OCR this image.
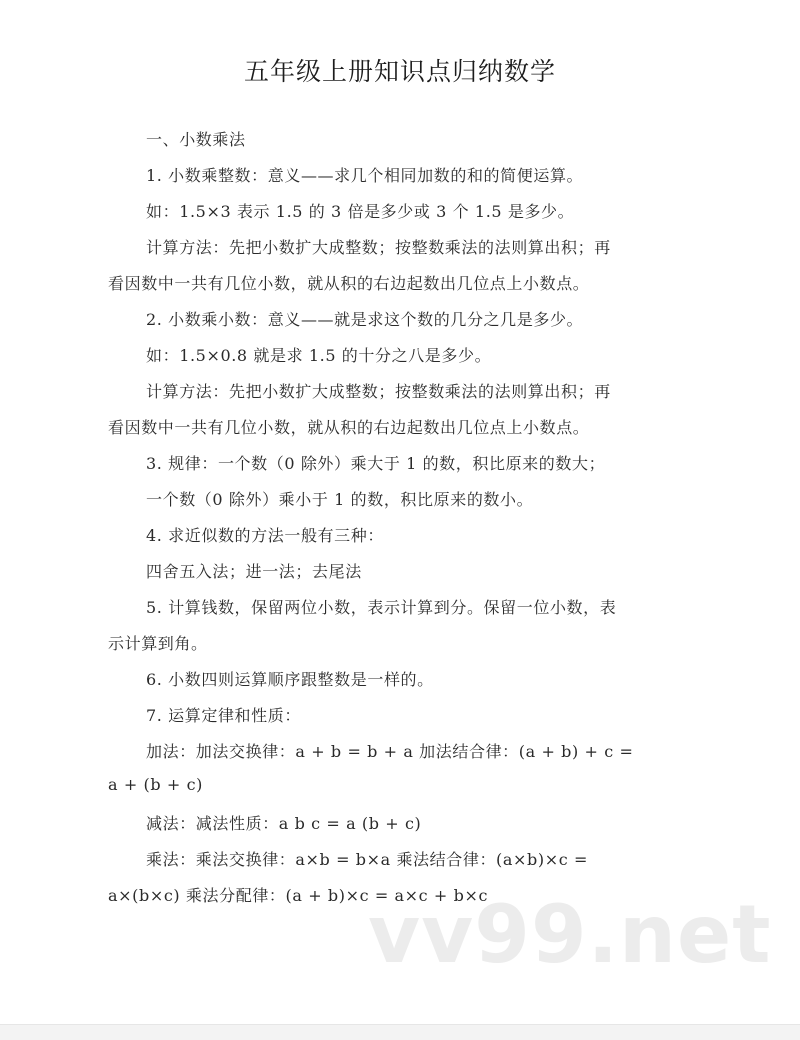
五年级上册知识点归纳数学
一、小数乘法
1. 小数乘整数：意义——求几个相同加数的和的简便运算。
如：1.5×3 表示 1.5 的 3 倍是多少或 3 个 1.5 是多少。
计算方法：先把小数扩大成整数；按整数乘法的法则算出积；再
看因数中一共有几位小数，就从积的右边起数出几位点上小数点。
2. 小数乘小数：意义——就是求这个数的几分之几是多少。
如：1.5×0.8 就是求 1.5 的十分之八是多少。
计算方法：先把小数扩大成整数；按整数乘法的法则算出积；再
看因数中一共有几位小数，就从积的右边起数出几位点上小数点。
3. 规律：一个数（0 除外）乘大于 1 的数，积比原来的数大；
一个数（0 除外）乘小于 1 的数，积比原来的数小。
4. 求近似数的方法一般有三种：
四舍五入法；进一法；去尾法
5. 计算钱数，保留两位小数，表示计算到分。保留一位小数，表
示计算到角。
6. 小数四则运算顺序跟整数是一样的。
7. 运算定律和性质：
加法：加法交换律：a + b = b + a 加法结合律：(a + b) + c =
a + (b + c)
减法：减法性质：a b c = a (b + c)
乘法：乘法交换律：a×b = b×a 乘法结合律：(a×b)×c =
a×(b×c) 乘法分配律：(a + b)×c = a×c + b×c
vv99.net
